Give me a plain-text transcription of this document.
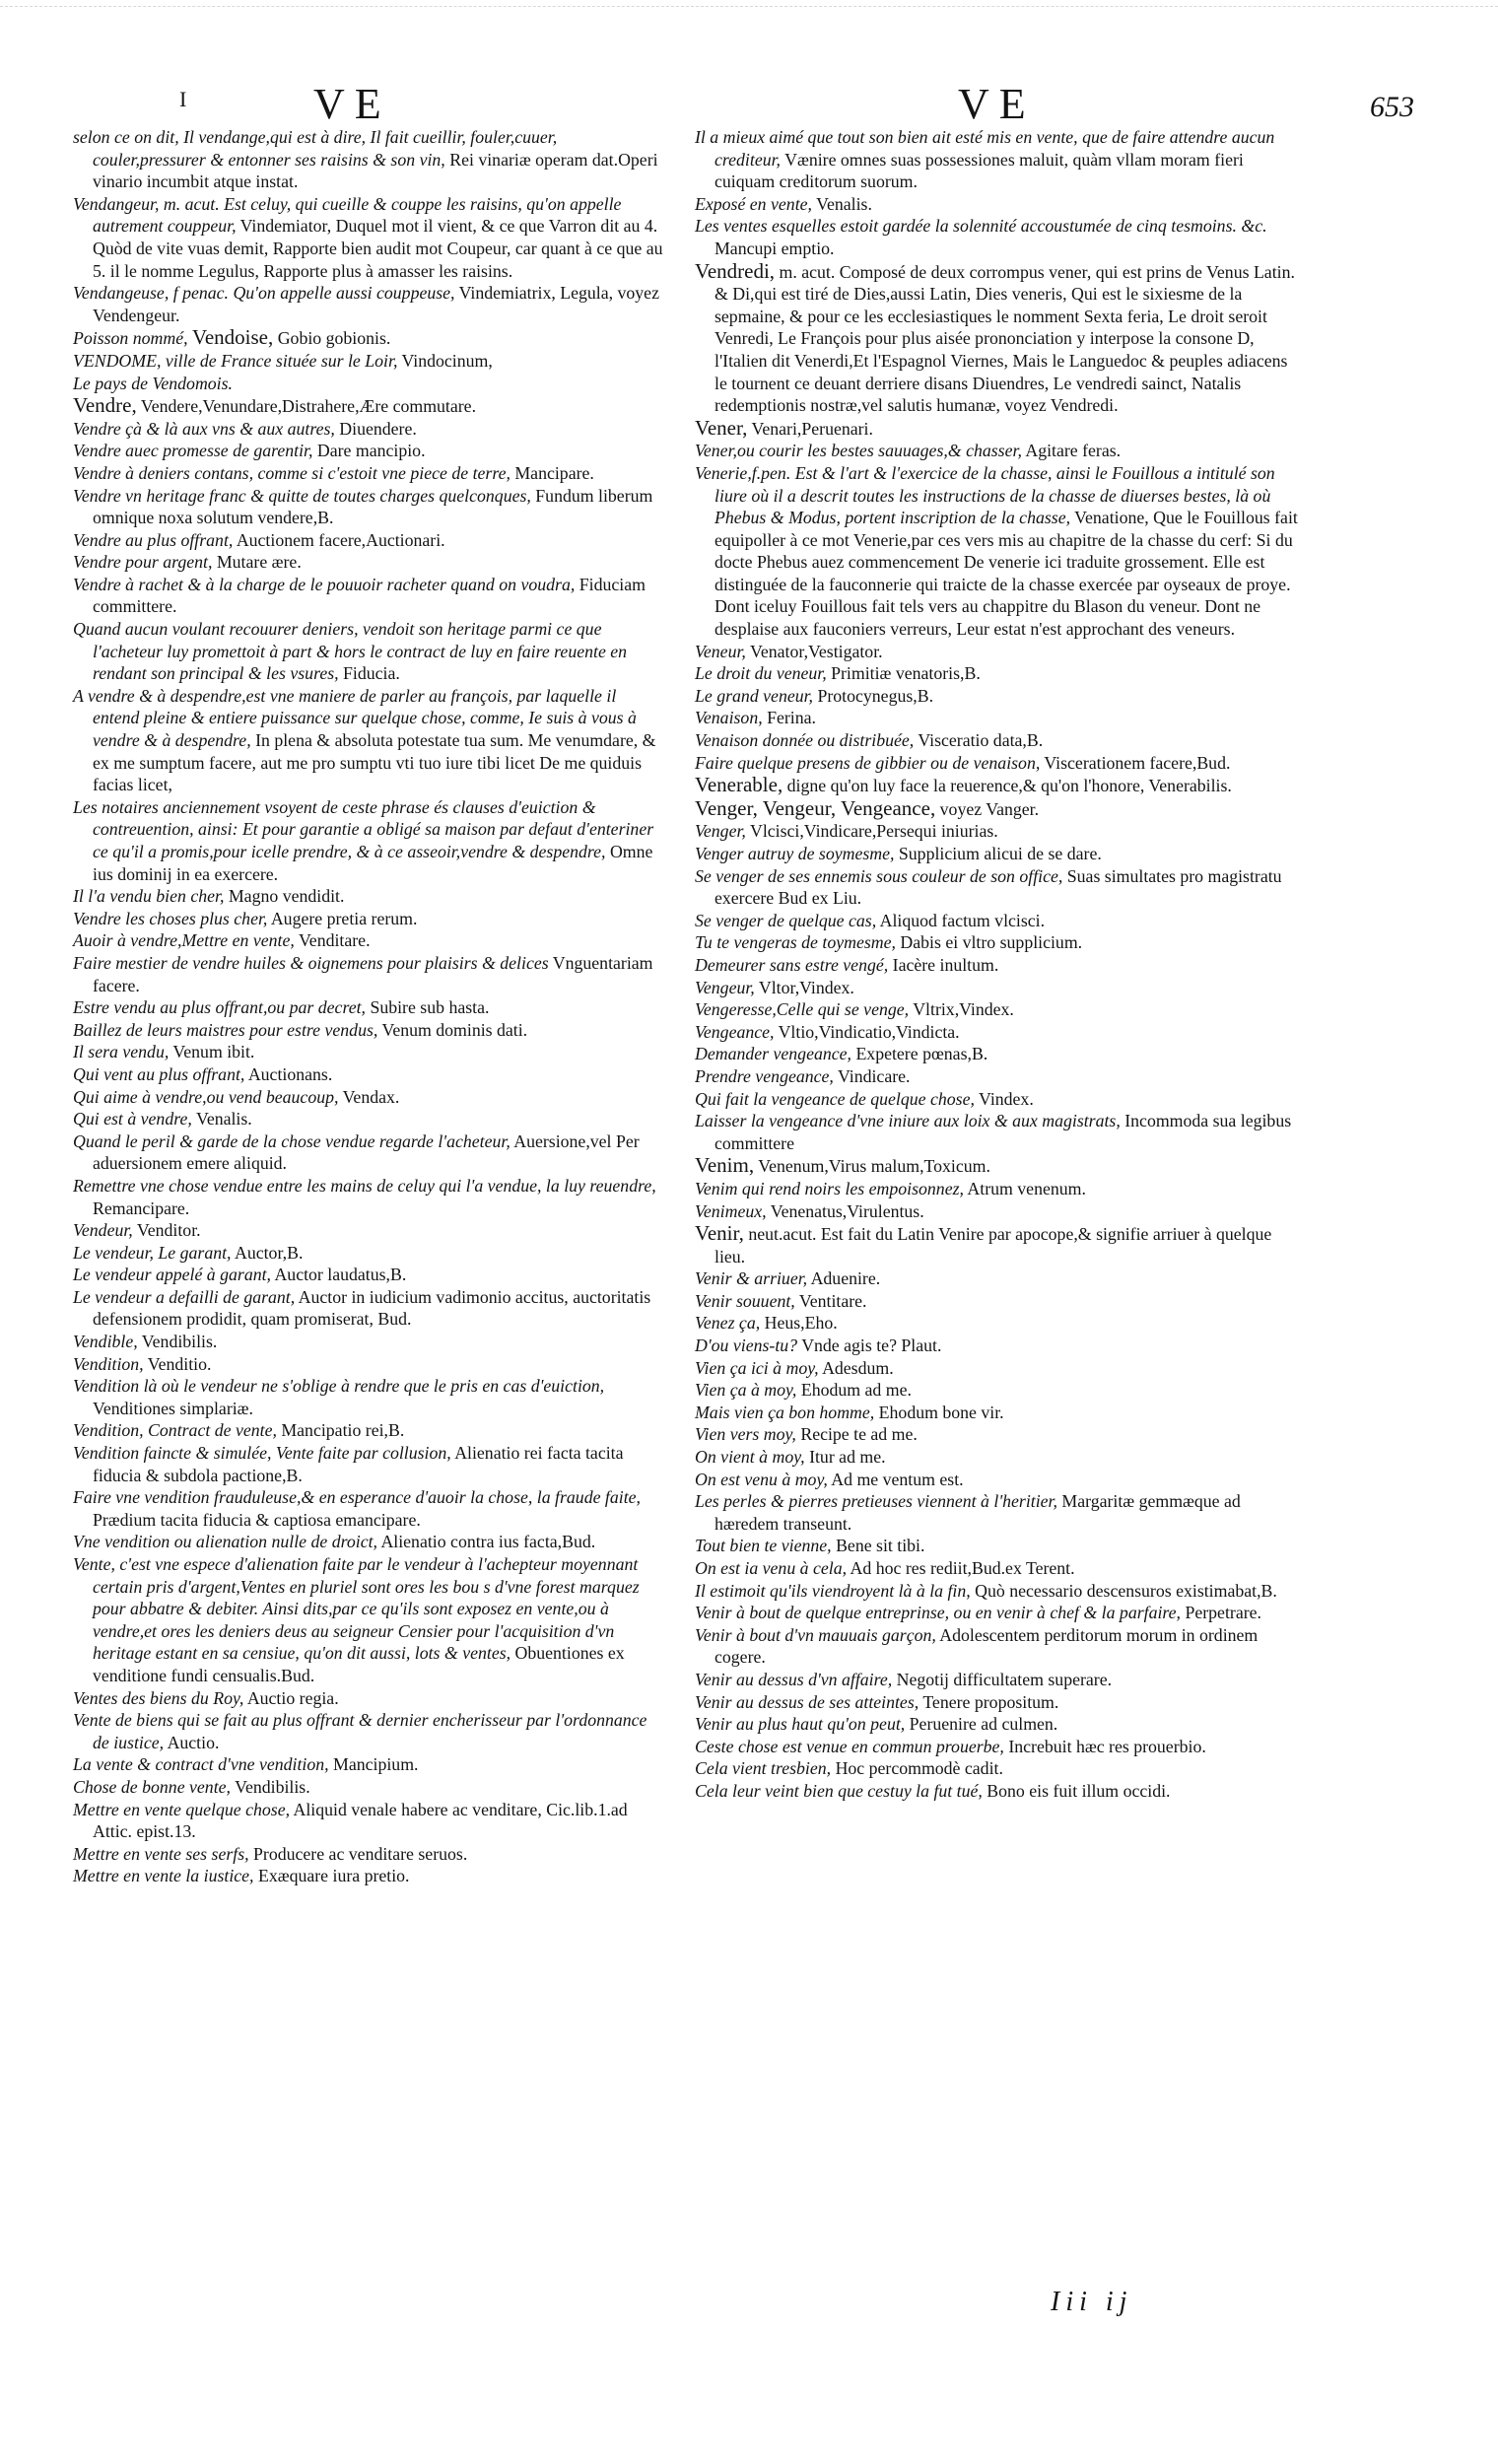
I	VE	VE	653
selon ce on dit, Il vendange,qui est à dire, Il fait cueillir, fouler,cuuer, couler,pressurer & entonner ses raisins & son vin, Rei vinariæ operam dat.Operi vinario incumbit atque instat.
Vendangeur, m. acut. Est celuy, qui cueille & couppe les raisins, qu'on appelle autrement couppeur, Vindemiator, Duquel mot il vient, & ce que Varron dit au 4. Quòd de vite vuas demit, Rapporte bien audit mot Coupeur, car quant à ce que au 5. il le nomme Legulus, Rapporte plus à amasser les raisins.
Vendangeuse, f penac. Qu'on appelle aussi couppeuse, Vindemiatrix, Legula, voyez Vendengeur.
Poisson nommé, Vendoise, Gobio gobionis.
VENDOME, ville de France située sur le Loir, Vindocinum,
Le pays de Vendomois.
Vendre, Vendere,Venundare,Distrahere,Ære commutare.
Vendre çà & là aux vns & aux autres, Diuendere.
Vendre auec promesse de garentir, Dare mancipio.
Vendre à deniers contans, comme si c'estoit vne piece de terre, Mancipare.
Vendre vn heritage franc & quitte de toutes charges quelconques, Fundum liberum omnique noxa solutum vendere,B.
Vendre au plus offrant, Auctionem facere,Auctionari.
Vendre pour argent, Mutare ære.
Vendre à rachet & à la charge de le pouuoir racheter quand on voudra, Fiduciam committere.
Quand aucun voulant recouurer deniers, vendoit son heritage parmi ce que l'acheteur luy promettoit à part & hors le contract de luy en faire reuente en rendant son principal & les vsures, Fiducia.
A vendre & à despendre,est vne maniere de parler au françois, par laquelle il entend pleine & entiere puissance sur quelque chose, comme, Ie suis à vous à vendre & à despendre, In plena & absoluta potestate tua sum. Me venumdare, & ex me sumptum facere, aut me pro sumptu vti tuo iure tibi licet De me quiduis facias licet,
Les notaires anciennement vsoyent de ceste phrase és clauses d'euiction & contreuention, ainsi: Et pour garantie a obligé sa maison par defaut d'enteriner ce qu'il a promis,pour icelle prendre, & à ce asseoir,vendre & despendre, Omne ius dominij in ea exercere.
Il l'a vendu bien cher, Magno vendidit.
Vendre les choses plus cher, Augere pretia rerum.
Auoir à vendre,Mettre en vente, Venditare.
Faire mestier de vendre huiles & oignemens pour plaisirs & delices Vnguentariam facere.
Estre vendu au plus offrant,ou par decret, Subire sub hasta.
Baillez de leurs maistres pour estre vendus, Venum dominis dati.
Il sera vendu, Venum ibit.
Qui vent au plus offrant, Auctionans.
Qui aime à vendre,ou vend beaucoup, Vendax.
Qui est à vendre, Venalis.
Quand le peril & garde de la chose vendue regarde l'acheteur, Auersione,vel Per aduersionem emere aliquid.
Remettre vne chose vendue entre les mains de celuy qui l'a vendue, la luy reuendre, Remancipare.
Vendeur, Venditor.
Le vendeur, Le garant, Auctor,B.
Le vendeur appelé à garant, Auctor laudatus,B.
Le vendeur a defailli de garant, Auctor in iudicium vadimonio accitus, auctoritatis defensionem prodidit, quam promiserat, Bud.
Vendible, Vendibilis.
Vendition, Venditio.
Vendition là où le vendeur ne s'oblige à rendre que le pris en cas d'euiction, Venditiones simplariæ.
Vendition, Contract de vente, Mancipatio rei,B.
Vendition faincte & simulée, Vente faite par collusion, Alienatio rei facta tacita fiducia & subdola pactione,B.
Faire vne vendition frauduleuse,& en esperance d'auoir la chose, la fraude faite, Prædium tacita fiducia & captiosa emancipare.
Vne vendition ou alienation nulle de droict, Alienatio contra ius facta,Bud.
Vente, c'est vne espece d'alienation faite par le vendeur à l'achepteur moyennant certain pris d'argent,Ventes en pluriel sont ores les bou s d'vne forest marquez pour abbatre & debiter. Ainsi dits,par ce qu'ils sont exposez en vente,ou à vendre,et ores les deniers deus au seigneur Censier pour l'acquisition d'vn heritage estant en sa censiue, qu'on dit aussi, lots & ventes, Obuentiones ex venditione fundi censualis.Bud.
Ventes des biens du Roy, Auctio regia.
Vente de biens qui se fait au plus offrant & dernier encherisseur par l'ordonnance de iustice, Auctio.
La vente & contract d'vne vendition, Mancipium.
Chose de bonne vente, Vendibilis.
Mettre en vente quelque chose, Aliquid venale habere ac venditare, Cic.lib.1.ad Attic. epist.13.
Mettre en vente ses serfs, Producere ac venditare seruos.
Mettre en vente la iustice, Exæquare iura pretio.
Il a mieux aimé que tout son bien ait esté mis en vente, que de faire attendre aucun crediteur, Vænire omnes suas possessiones maluit, quàm vllam moram fieri cuiquam creditorum suorum.
Exposé en vente, Venalis.
Les ventes esquelles estoit gardée la solennité accoustumée de cinq tesmoins. &c. Mancupi emptio.
Vendredi, m. acut. Composé de deux corrompus vener, qui est prins de Venus Latin. & Di,qui est tiré de Dies,aussi Latin, Dies veneris, Qui est le sixiesme de la sepmaine, & pour ce les ecclesiastiques le nomment Sexta feria, Le droit seroit Venredi, Le François pour plus aisée prononciation y interpose la consone D, l'Italien dit Venerdi,Et l'Espagnol Viernes, Mais le Languedoc & peuples adiacens le tournent ce deuant derriere disans Diuendres, Le vendredi sainct, Natalis redemptionis nostræ,vel salutis humanæ, voyez Vendredi.
Vener, Venari,Peruenari.
Vener,ou courir les bestes sauuages,& chasser, Agitare feras.
Venerie,f.pen. Est & l'art & l'exercice de la chasse, ainsi le Fouillous a intitulé son liure où il a descrit toutes les instructions de la chasse de diuerses bestes, là où Phebus & Modus, portent inscription de la chasse, Venatione, Que le Fouillous fait equipoller à ce mot Venerie,par ces vers mis au chapitre de la chasse du cerf: Si du docte Phebus auez commencement De venerie ici traduite grossement. Elle est distinguée de la fauconnerie qui traicte de la chasse exercée par oyseaux de proye. Dont iceluy Fouillous fait tels vers au chappitre du Blason du veneur. Dont ne desplaise aux fauconiers verreurs, Leur estat n'est approchant des veneurs.
Veneur, Venator,Vestigator.
Le droit du veneur, Primitiæ venatoris,B.
Le grand veneur, Protocynegus,B.
Venaison, Ferina.
Venaison donnée ou distribuée, Visceratio data,B.
Faire quelque presens de gibbier ou de venaison, Viscerationem facere,Bud.
Venerable, digne qu'on luy face la reuerence,& qu'on l'honore, Venerabilis.
Venger, Vengeur, Vengeance, voyez Vanger.
Venger, Vlcisci,Vindicare,Persequi iniurias.
Venger autruy de soymesme, Supplicium alicui de se dare.
Se venger de ses ennemis sous couleur de son office, Suas simultates pro magistratu exercere Bud ex Liu.
Se venger de quelque cas, Aliquod factum vlcisci.
Tu te vengeras de toymesme, Dabis ei vltro supplicium.
Demeurer sans estre vengé, Iacère inultum.
Vengeur, Vltor,Vindex.
Vengeresse,Celle qui se venge, Vltrix,Vindex.
Vengeance, Vltio,Vindicatio,Vindicta.
Demander vengeance, Expetere pœnas,B.
Prendre vengeance, Vindicare.
Qui fait la vengeance de quelque chose, Vindex.
Laisser la vengeance d'vne iniure aux loix & aux magistrats, Incommoda sua legibus committere
Venim, Venenum,Virus malum,Toxicum.
Venim qui rend noirs les empoisonnez, Atrum venenum.
Venimeux, Venenatus,Virulentus.
Venir, neut.acut. Est fait du Latin Venire par apocope,& signifie arriuer à quelque lieu.
Venir & arriuer, Aduenire.
Venir souuent, Ventitare.
Venez ça, Heus,Eho.
D'ou viens-tu? Vnde agis te? Plaut.
Vien ça ici à moy, Adesdum.
Vien ça à moy, Ehodum ad me.
Mais vien ça bon homme, Ehodum bone vir.
Vien vers moy, Recipe te ad me.
On vient à moy, Itur ad me.
On est venu à moy, Ad me ventum est.
Les perles & pierres pretieuses viennent à l'heritier, Margaritæ gemmæque ad hæredem transeunt.
Tout bien te vienne, Bene sit tibi.
On est ia venu à cela, Ad hoc res rediit,Bud.ex Terent.
Il estimoit qu'ils viendroyent là à la fin, Quò necessario descensuros existimabat,B.
Venir à bout de quelque entreprinse, ou en venir à chef & la parfaire, Perpetrare.
Venir à bout d'vn mauuais garçon, Adolescentem perditorum morum in ordinem cogere.
Venir au dessus d'vn affaire, Negotij difficultatem superare.
Venir au dessus de ses atteintes, Tenere propositum.
Venir au plus haut qu'on peut, Peruenire ad culmen.
Ceste chose est venue en commun prouerbe, Increbuit hæc res prouerbio.
Cela vient tresbien, Hoc percommodè cadit.
Cela leur veint bien que cestuy la fut tué, Bono eis fuit illum occidi.
Iii ij
